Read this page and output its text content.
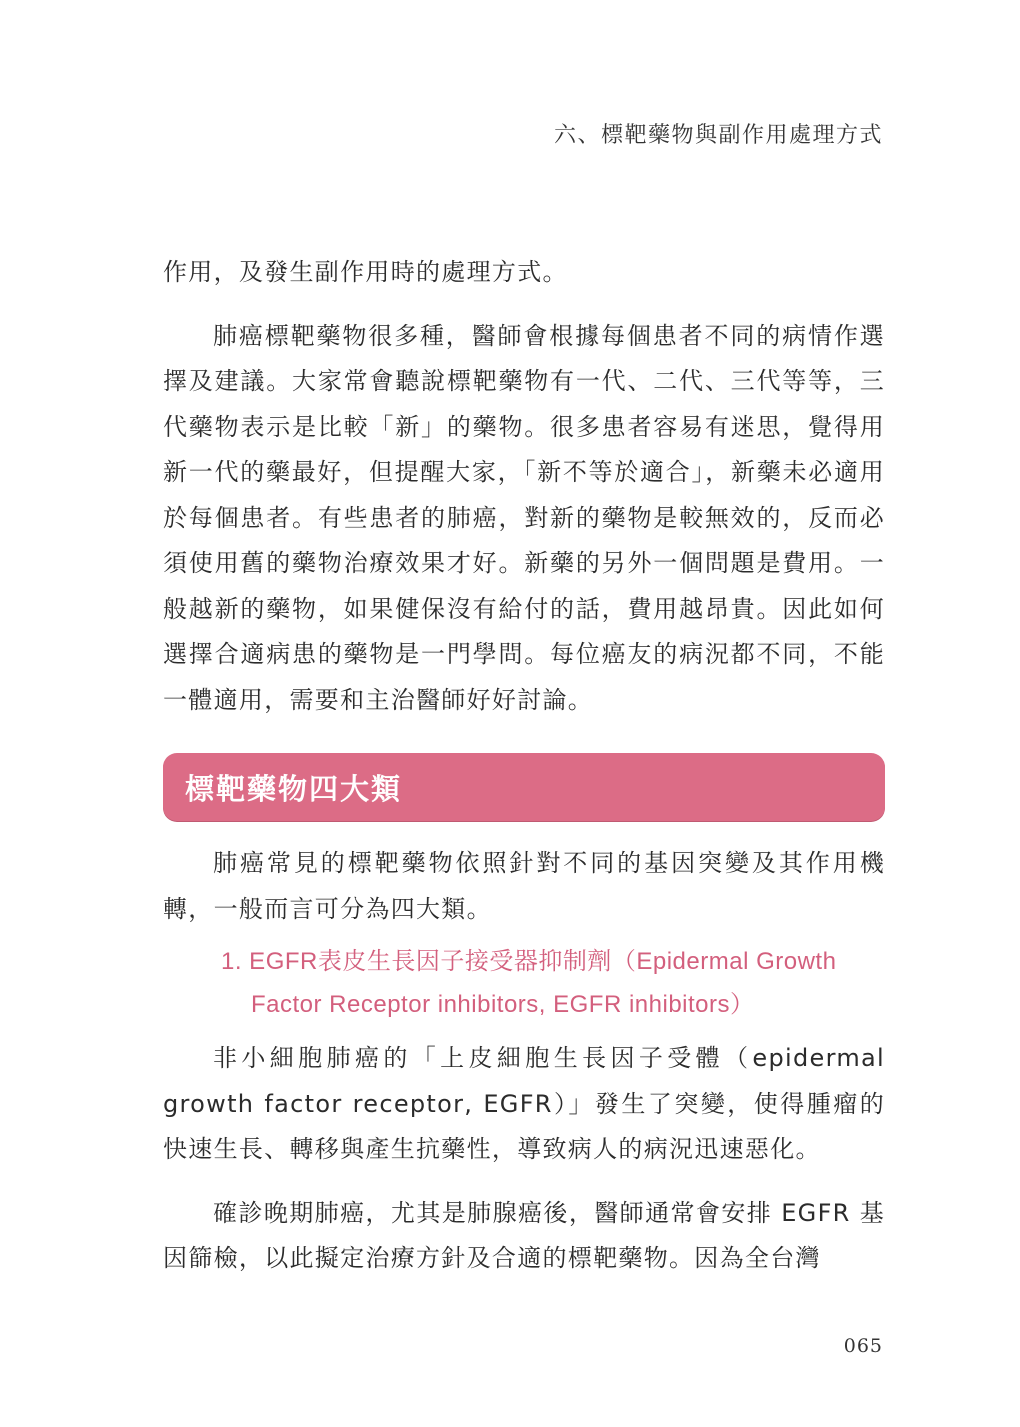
六、標靶藥物與副作用處理方式

作用，及發生副作用時的處理方式。

肺癌標靶藥物很多種，醫師會根據每個患者不同的病情作選擇及建議。大家常會聽說標靶藥物有一代、二代、三代等等，三代藥物表示是比較「新」的藥物。很多患者容易有迷思，覺得用新一代的藥最好，但提醒大家，「新不等於適合」，新藥未必適用於每個患者。有些患者的肺癌，對新的藥物是較無效的，反而必須使用舊的藥物治療效果才好。新藥的另外一個問題是費用。一般越新的藥物，如果健保沒有給付的話，費用越昂貴。因此如何選擇合適病患的藥物是一門學問。每位癌友的病況都不同，不能一體適用，需要和主治醫師好好討論。

標靶藥物四大類

肺癌常見的標靶藥物依照針對不同的基因突變及其作用機轉，一般而言可分為四大類。

1. EGFR表皮生長因子接受器抑制劑（Epidermal Growth Factor Receptor inhibitors, EGFR inhibitors）

非小細胞肺癌的「上皮細胞生長因子受體（epidermal growth factor receptor, EGFR）」發生了突變，使得腫瘤的快速生長、轉移與產生抗藥性，導致病人的病況迅速惡化。

確診晚期肺癌，尤其是肺腺癌後，醫師通常會安排 EGFR 基因篩檢，以此擬定治療方針及合適的標靶藥物。因為全台灣

065
